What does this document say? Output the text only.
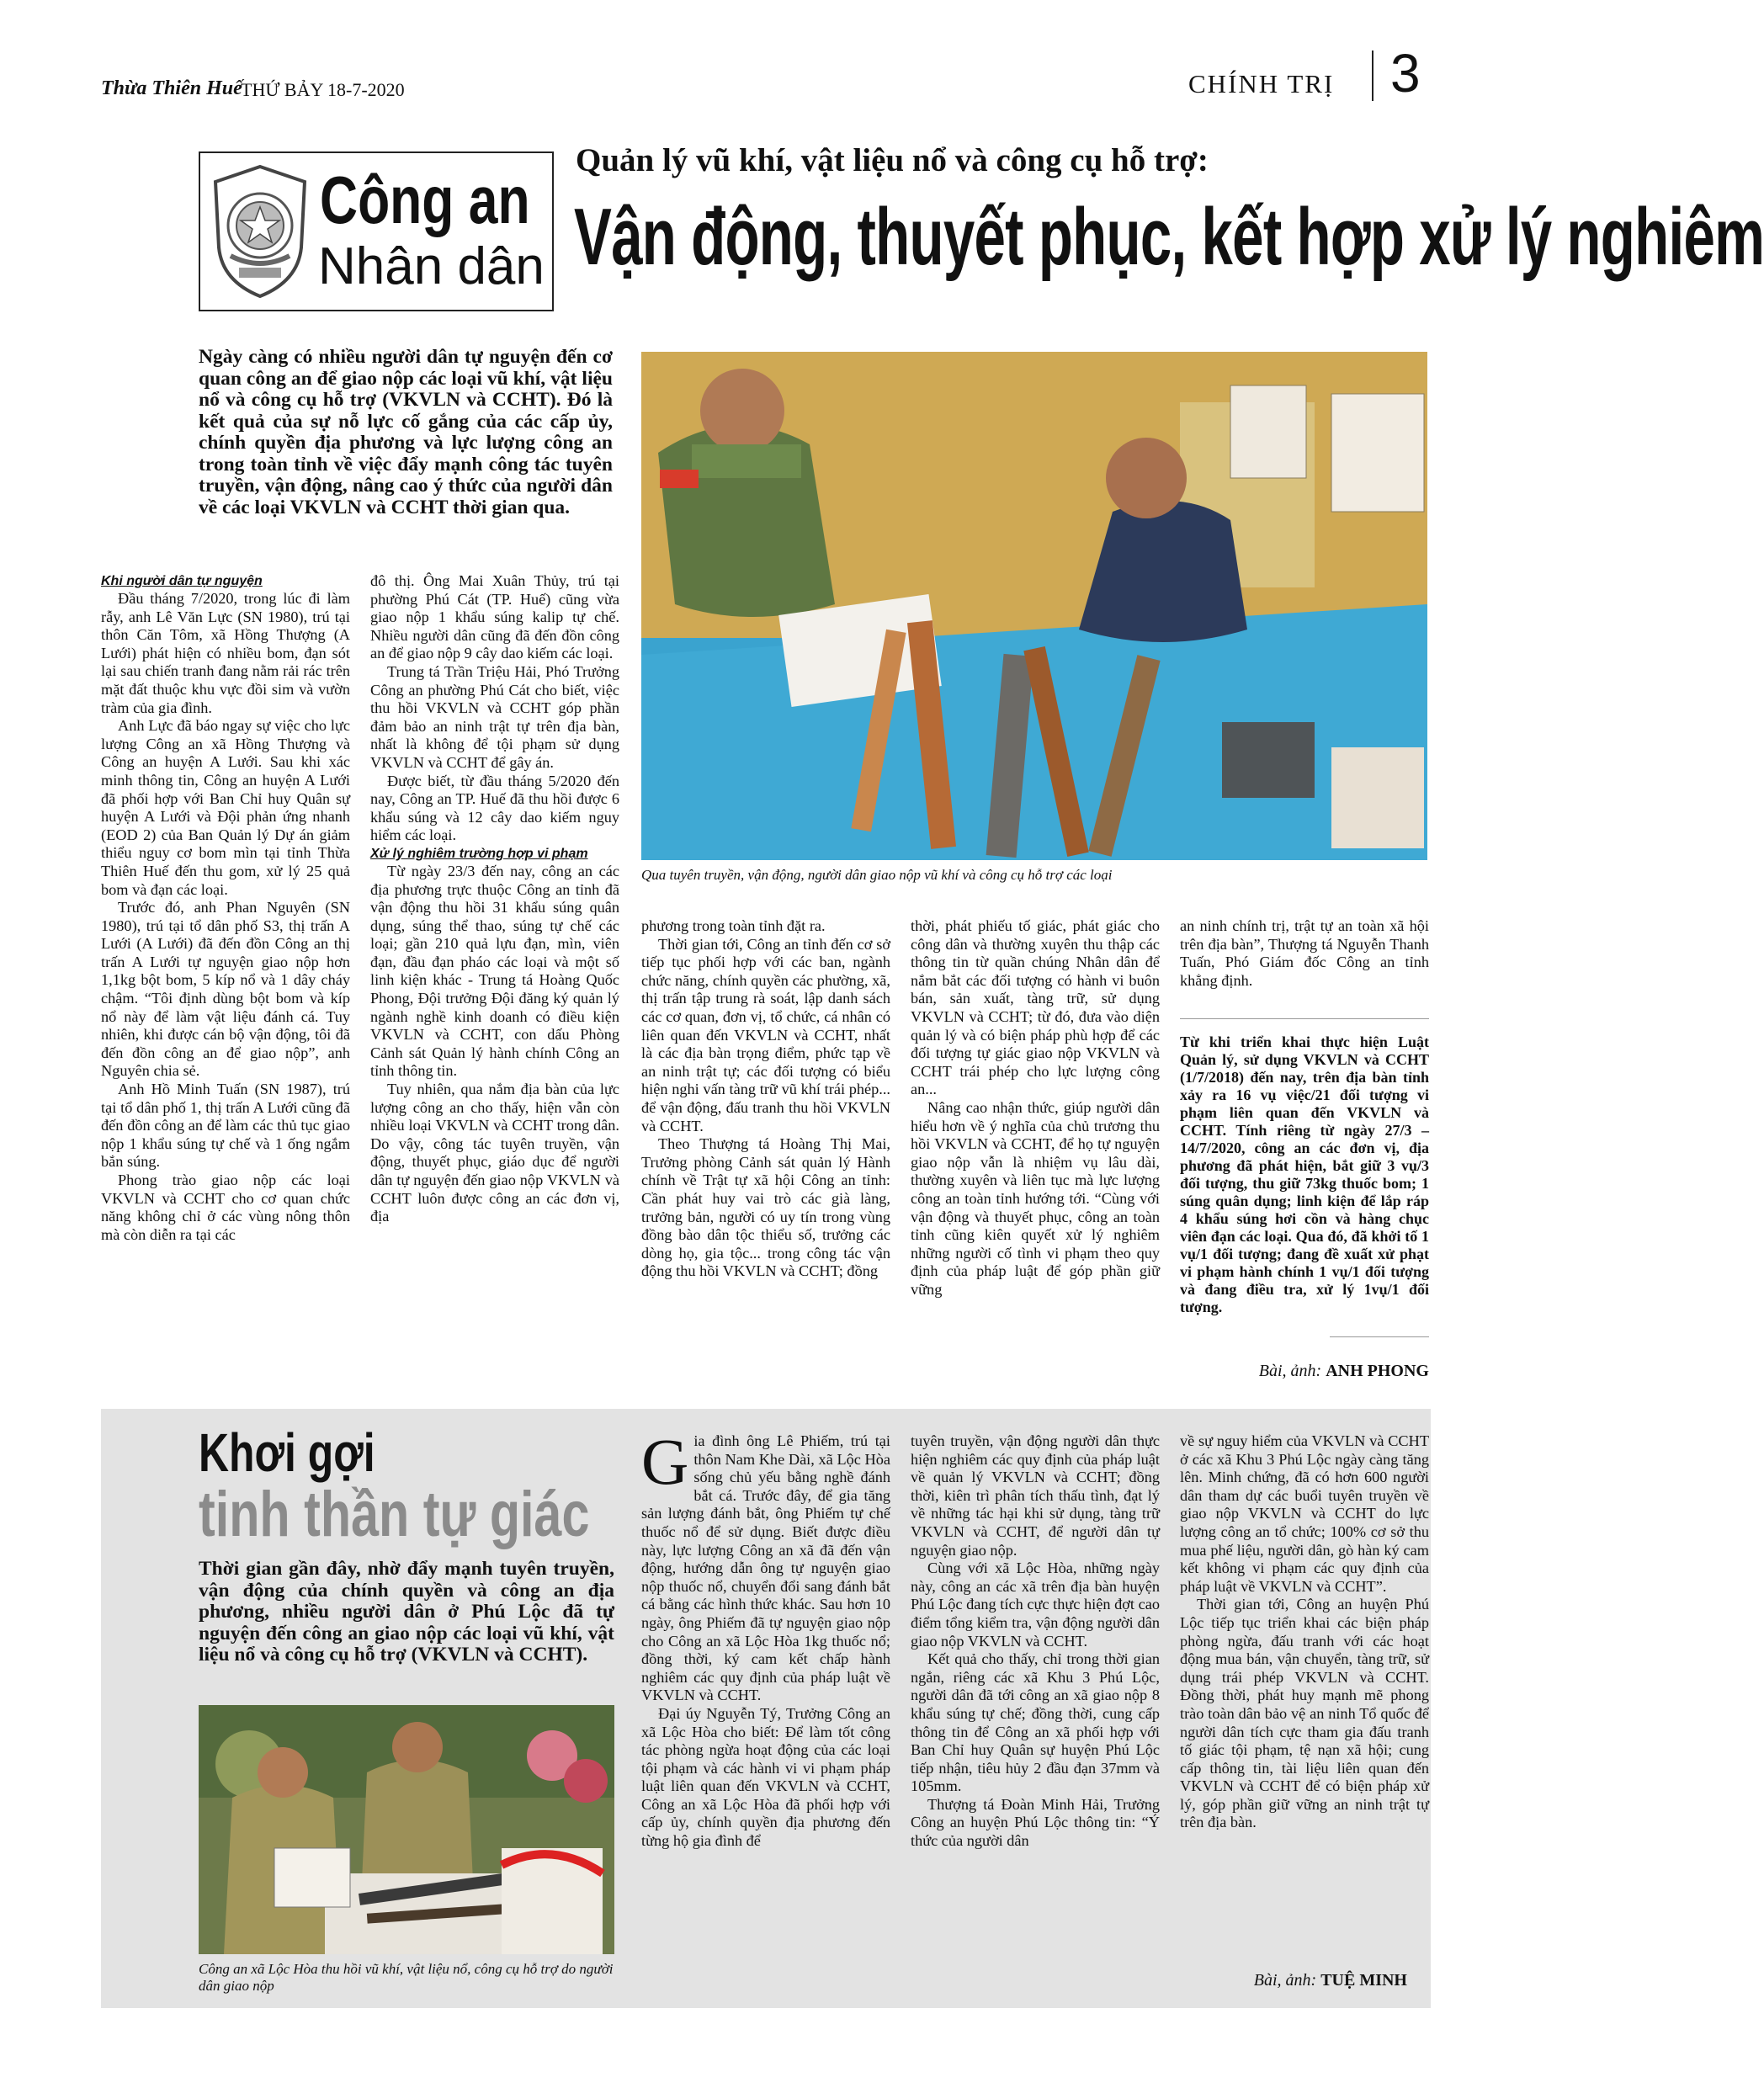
Thừa Thiên Huế
THỨ BẢY 18-7-2020	CHÍNH TRỊ 3
Công an
Nhân dân
Quản lý vũ khí, vật liệu nổ và công cụ hỗ trợ:
Vận động, thuyết phục, kết hợp xử lý nghiêm
Ngày càng có nhiều người dân tự nguyện đến cơ quan công an để giao nộp các loại vũ khí, vật liệu nổ và công cụ hỗ trợ (VKVLN và CCHT). Đó là kết quả của sự nỗ lực cố gắng của các cấp ủy, chính quyền địa phương và lực lượng công an trong toàn tỉnh về việc đẩy mạnh công tác tuyên truyền, vận động, nâng cao ý thức của người dân về các loại VKVLN và CCHT thời gian qua.
Qua tuyên truyền, vận động, người dân giao nộp vũ khí và công cụ hỗ trợ các loại
Khi người dân tự nguyện

Đầu tháng 7/2020, trong lúc đi làm rẫy, anh Lê Văn Lực (SN 1980), trú tại thôn Căn Tôm, xã Hồng Thượng (A Lưới) phát hiện có nhiều bom, đạn sót lại sau chiến tranh đang nằm rải rác trên mặt đất thuộc khu vực đồi sim và vườn tràm của gia đình.

Anh Lực đã báo ngay sự việc cho lực lượng Công an xã Hồng Thượng và Công an huyện A Lưới. Sau khi xác minh thông tin, Công an huyện A Lưới đã phối hợp với Ban Chỉ huy Quân sự huyện A Lưới và Đội phản ứng nhanh (EOD 2) của Ban Quản lý Dự án giảm thiểu nguy cơ bom mìn tại tỉnh Thừa Thiên Huế đến thu gom, xử lý 25 quả bom và đạn các loại.

Trước đó, anh Phan Nguyên (SN 1980), trú tại tổ dân phố S3, thị trấn A Lưới (A Lưới) đã đến đồn Công an thị trấn A Lưới tự nguyện giao nộp hơn 1,1kg bột bom, 5 kíp nổ và 1 dây cháy chậm. “Tôi định dùng bột bom và kíp nổ này để làm vật liệu đánh cá. Tuy nhiên, khi được cán bộ vận động, tôi đã đến đồn công an để giao nộp”, anh Nguyên chia sẻ.

Anh Hồ Minh Tuấn (SN 1987), trú tại tổ dân phố 1, thị trấn A Lưới cũng đã đến đồn công an để làm các thủ tục giao nộp 1 khẩu súng tự chế và 1 ống ngắm bắn súng.

Phong trào giao nộp các loại VKVLN và CCHT cho cơ quan chức năng không chỉ ở các vùng nông thôn mà còn diễn ra tại các

đô thị. Ông Mai Xuân Thủy, trú tại phường Phú Cát (TP. Huế) cũng vừa giao nộp 1 khẩu súng kalip tự chế. Nhiều người dân cũng đã đến đồn công an để giao nộp 9 cây dao kiếm các loại.

Trung tá Trần Triệu Hải, Phó Trưởng Công an phường Phú Cát cho biết, việc thu hồi VKVLN và CCHT góp phần đảm bảo an ninh trật tự trên địa bàn, nhất là không để tội phạm sử dụng VKVLN và CCHT để gây án.

Được biết, từ đầu tháng 5/2020 đến nay, Công an TP. Huế đã thu hồi được 6 khẩu súng và 12 cây dao kiếm nguy hiểm các loại.

Xử lý nghiêm trường hợp vi phạm

Từ ngày 23/3 đến nay, công an các địa phương trực thuộc Công an tỉnh đã vận động thu hồi 31 khẩu súng quân dụng, súng thể thao, súng tự chế các loại; gần 210 quả lựu đạn, mìn, viên đạn, đầu đạn pháo các loại và một số linh kiện khác - Trung tá Hoàng Quốc Phong, Đội trưởng Đội đăng ký quản lý ngành nghề kinh doanh có điều kiện VKVLN và CCHT, con dấu Phòng Cảnh sát Quản lý hành chính Công an tỉnh thông tin.

Tuy nhiên, qua nắm địa bàn của lực lượng công an cho thấy, hiện vẫn còn nhiều loại VKVLN và CCHT trong dân. Do vậy, công tác tuyên truyền, vận động, thuyết phục, giáo dục để người dân tự nguyện đến giao nộp VKVLN và CCHT luôn được công an các đơn vị, địa

phương trong toàn tỉnh đặt ra.

Thời gian tới, Công an tỉnh đến cơ sở tiếp tục phối hợp với các ban, ngành chức năng, chính quyền các phường, xã, thị trấn tập trung rà soát, lập danh sách các cơ quan, đơn vị, tổ chức, cá nhân có liên quan đến VKVLN và CCHT, nhất là các địa bàn trọng điểm, phức tạp về an ninh trật tự; các đối tượng có biểu hiện nghi vấn tàng trữ vũ khí trái phép... để vận động, đấu tranh thu hồi VKVLN và CCHT.

Theo Thượng tá Hoàng Thị Mai, Trưởng phòng Cảnh sát quản lý Hành chính về Trật tự xã hội Công an tỉnh: Cần phát huy vai trò các già làng, trưởng bản, người có uy tín trong vùng đồng bào dân tộc thiểu số, trưởng các dòng họ, gia tộc... trong công tác vận động thu hồi VKVLN và CCHT; đồng

thời, phát phiếu tố giác, phát giác cho công dân và thường xuyên thu thập các thông tin từ quần chúng Nhân dân để nắm bắt các đối tượng có hành vi buôn bán, sản xuất, tàng trữ, sử dụng VKVLN và CCHT; từ đó, đưa vào diện quản lý và có biện pháp phù hợp để các đối tượng tự giác giao nộp VKVLN và CCHT trái phép cho lực lượng công an...

Nâng cao nhận thức, giúp người dân hiểu hơn về ý nghĩa của chủ trương thu hồi VKVLN và CCHT, để họ tự nguyện giao nộp vẫn là nhiệm vụ lâu dài, thường xuyên và liên tục mà lực lượng công an toàn tỉnh hướng tới. “Cùng với vận động và thuyết phục, công an toàn tỉnh cũng kiên quyết xử lý nghiêm những người cố tình vi phạm theo quy định của pháp luật để góp phần giữ vững

an ninh chính trị, trật tự an toàn xã hội trên địa bàn”, Thượng tá Nguyễn Thanh Tuấn, Phó Giám đốc Công an tỉnh khẳng định.

Từ khi triển khai thực hiện Luật Quản lý, sử dụng VKVLN và CCHT (1/7/2018) đến nay, trên địa bàn tỉnh xảy ra 16 vụ việc/21 đối tượng vi phạm liên quan đến VKVLN và CCHT. Tính riêng từ ngày 27/3 – 14/7/2020, công an các đơn vị, địa phương đã phát hiện, bắt giữ 3 vụ/3 đối tượng, thu giữ 73kg thuốc bom; 1 súng quân dụng; linh kiện để lắp ráp 4 khẩu súng hơi cồn và hàng chục viên đạn các loại. Qua đó, đã khởi tố 1 vụ/1 đối tượng; đang đề xuất xử phạt vi phạm hành chính 1 vụ/1 đối tượng và đang điều tra, xử lý 1vụ/1 đối tượng.
Bài, ảnh: ANH PHONG
Khơi gợi
tinh thần tự giác
Thời gian gần đây, nhờ đẩy mạnh tuyên truyền, vận động của chính quyền và công an địa phương, nhiều người dân ở Phú Lộc đã tự nguyện đến công an giao nộp các loại vũ khí, vật liệu nổ và công cụ hỗ trợ (VKVLN và CCHT).
Công an xã Lộc Hòa thu hồi vũ khí, vật liệu nổ, công cụ hỗ trợ do người dân giao nộp

Gia đình ông Lê Phiếm, trú tại thôn Nam Khe Dài, xã Lộc Hòa sống chủ yếu bằng nghề đánh bắt cá. Trước đây, để gia tăng sản lượng đánh bắt, ông Phiếm tự chế thuốc nổ để sử dụng. Biết được điều này, lực lượng Công an xã đã đến vận động, hướng dẫn ông tự nguyện giao nộp thuốc nổ, chuyển đổi sang đánh bắt cá bằng các hình thức khác. Sau hơn 10 ngày, ông Phiếm đã tự nguyện giao nộp cho Công an xã Lộc Hòa 1kg thuốc nổ; đồng thời, ký cam kết chấp hành nghiêm các quy định của pháp luật về VKVLN và CCHT.

Đại úy Nguyễn Tý, Trưởng Công an xã Lộc Hòa cho biết: Để làm tốt công tác phòng ngừa hoạt động của các loại tội phạm và các hành vi vi phạm pháp luật liên quan đến VKVLN và CCHT, Công an xã Lộc Hòa đã phối hợp với cấp ủy, chính quyền địa phương đến từng hộ gia đình để

tuyên truyền, vận động người dân thực hiện nghiêm các quy định của pháp luật về quản lý VKVLN và CCHT; đồng thời, kiên trì phân tích thấu tình, đạt lý về những tác hại khi sử dụng, tàng trữ VKVLN và CCHT, để người dân tự nguyện giao nộp.

Cùng với xã Lộc Hòa, những ngày này, công an các xã trên địa bàn huyện Phú Lộc đang tích cực thực hiện đợt cao điểm tổng kiểm tra, vận động người dân giao nộp VKVLN và CCHT.

Kết quả cho thấy, chỉ trong thời gian ngắn, riêng các xã Khu 3 Phú Lộc, người dân đã tới công an xã giao nộp 8 khẩu súng tự chế; đồng thời, cung cấp thông tin để Công an xã phối hợp với Ban Chỉ huy Quân sự huyện Phú Lộc tiếp nhận, tiêu hủy 2 đầu đạn 37mm và 105mm.

Thượng tá Đoàn Minh Hải, Trưởng Công an huyện Phú Lộc thông tin: “Ý thức của người dân

về sự nguy hiểm của VKVLN và CCHT ở các xã Khu 3 Phú Lộc ngày càng tăng lên. Minh chứng, đã có hơn 600 người dân tham dự các buổi tuyên truyền về giao nộp VKVLN và CCHT do lực lượng công an tổ chức; 100% cơ sở thu mua phế liệu, người dân, gò hàn ký cam kết không vi phạm các quy định của pháp luật về VKVLN và CCHT”.

Thời gian tới, Công an huyện Phú Lộc tiếp tục triển khai các biện pháp phòng ngừa, đấu tranh với các hoạt động mua bán, vận chuyển, tàng trữ, sử dụng trái phép VKVLN và CCHT. Đồng thời, phát huy mạnh mẽ phong trào toàn dân bảo vệ an ninh Tổ quốc để người dân tích cực tham gia đấu tranh tố giác tội phạm, tệ nạn xã hội; cung cấp thông tin, tài liệu liên quan đến VKVLN và CCHT để có biện pháp xử lý, góp phần giữ vững an ninh trật tự trên địa bàn.

Bài, ảnh: TUỆ MINH
